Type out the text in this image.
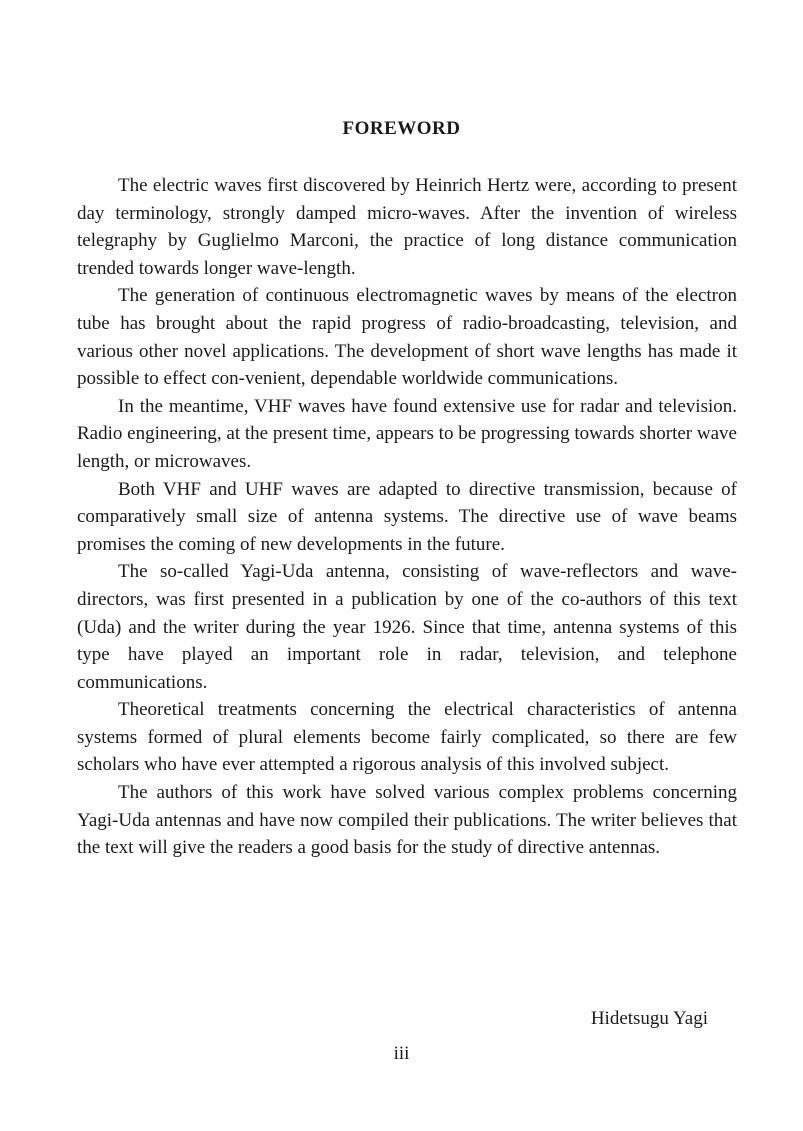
FOREWORD

The electric waves first discovered by Heinrich Hertz were, according to present day terminology, strongly damped micro-waves. After the invention of wireless telegraphy by Guglielmo Marconi, the practice of long distance communication trended towards longer wave-length.

The generation of continuous electromagnetic waves by means of the electron tube has brought about the rapid progress of radio-broadcasting, television, and various other novel applications. The development of short wave lengths has made it possible to effect con-venient, dependable worldwide communications.

In the meantime, VHF waves have found extensive use for radar and television. Radio engineering, at the present time, appears to be progressing towards shorter wave length, or microwaves.

Both VHF and UHF waves are adapted to directive transmission, because of comparatively small size of antenna systems. The directive use of wave beams promises the coming of new developments in the future.

The so-called Yagi-Uda antenna, consisting of wave-reflectors and wave-directors, was first presented in a publication by one of the co-authors of this text (Uda) and the writer during the year 1926. Since that time, antenna systems of this type have played an important role in radar, television, and telephone communications.

Theoretical treatments concerning the electrical characteristics of antenna systems formed of plural elements become fairly complicated, so there are few scholars who have ever attempted a rigorous analysis of this involved subject.

The authors of this work have solved various complex problems concerning Yagi-Uda antennas and have now compiled their publications. The writer believes that the text will give the readers a good basis for the study of directive antennas.

Hidetsugu Yagi
iii
